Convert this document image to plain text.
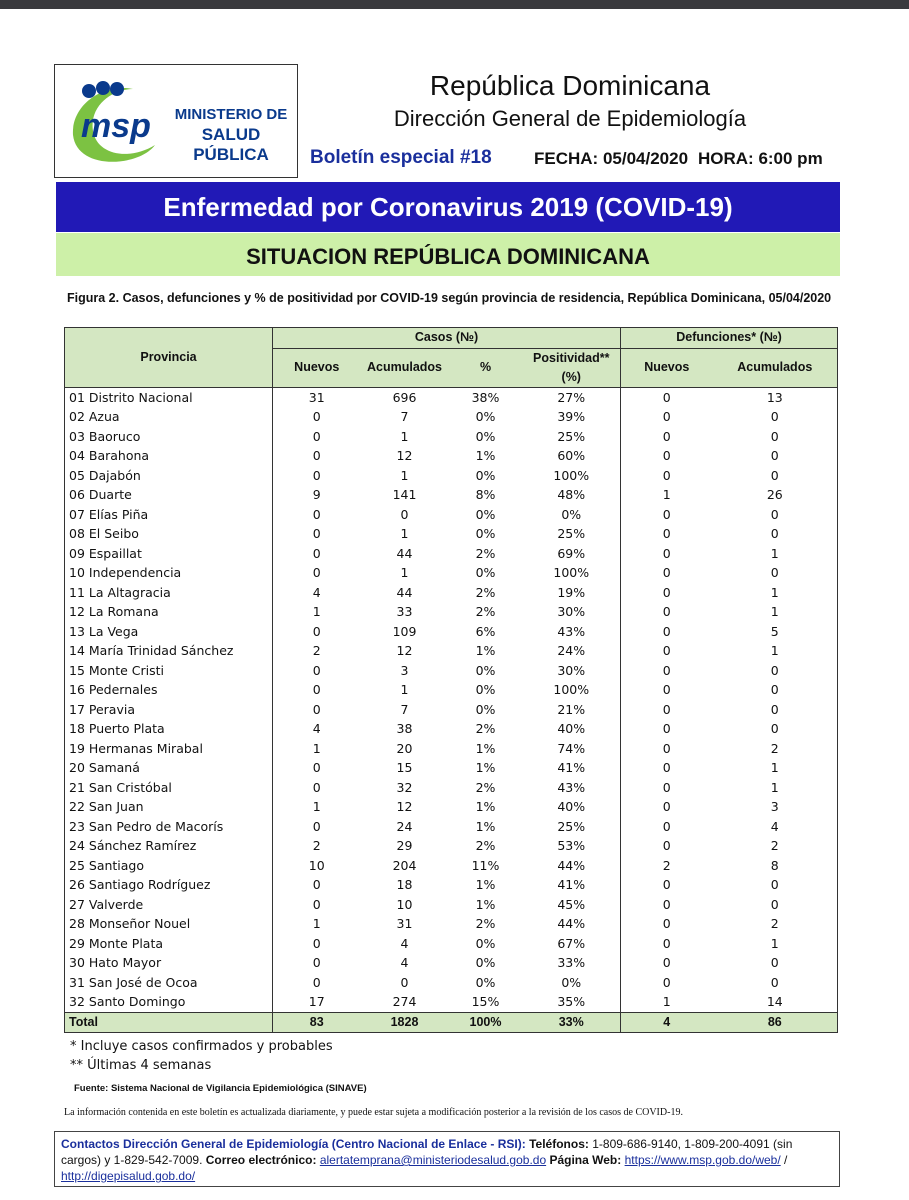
msp	MINISTERIO DE
SALUD PÚBLICA
República Dominicana
Dirección General de Epidemiología
Boletín especial #18 FECHA: 05/04/2020 HORA: 6:00 pm
Enfermedad por Coronavirus 2019 (COVID-19)
SITUACION REPÚBLICA DOMINICANA
Figura 2. Casos, defunciones y % de positividad por COVID-19 según provincia de residencia, República Dominicana, 05/04/2020
Provincia	Casos (№)				Defunciones* (№)	
	Nuevos	Acumulados	%	Positividad** (%)	Nuevos	Acumulados
01 Distrito Nacional	31	696	38%	27%	0	13
02 Azua	0	7	0%	39%	0	0
03 Baoruco	0	1	0%	25%	0	0
04 Barahona	0	12	1%	60%	0	0
05 Dajabón	0	1	0%	100%	0	0
06 Duarte	9	141	8%	48%	1	26
07 Elías Piña	0	0	0%	0%	0	0
08 El Seibo	0	1	0%	25%	0	0
09 Espaillat	0	44	2%	69%	0	1
10 Independencia	0	1	0%	100%	0	0
11 La Altagracia	4	44	2%	19%	0	1
12 La Romana	1	33	2%	30%	0	1
13 La Vega	0	109	6%	43%	0	5
14 María Trinidad Sánchez	2	12	1%	24%	0	1
15 Monte Cristi	0	3	0%	30%	0	0
16 Pedernales	0	1	0%	100%	0	0
17 Peravia	0	7	0%	21%	0	0
18 Puerto Plata	4	38	2%	40%	0	0
19 Hermanas Mirabal	1	20	1%	74%	0	2
20 Samaná	0	15	1%	41%	0	1
21 San Cristóbal	0	32	2%	43%	0	1
22 San Juan	1	12	1%	40%	0	3
23 San Pedro de Macorís	0	24	1%	25%	0	4
24 Sánchez Ramírez	2	29	2%	53%	0	2
25 Santiago	10	204	11%	44%	2	8
26 Santiago Rodríguez	0	18	1%	41%	0	0
27 Valverde	0	10	1%	45%	0	0
28 Monseñor Nouel	1	31	2%	44%	0	2
29 Monte Plata	0	4	0%	67%	0	1
30 Hato Mayor	0	4	0%	33%	0	0
31 San José de Ocoa	0	0	0%	0%	0	0
32 Santo Domingo	17	274	15%	35%	1	14
Total	83	1828	100%	33%	4	86
* Incluye casos confirmados y probables
** Últimas 4 semanas
Fuente: Sistema Nacional de Vigilancia Epidemiológica (SINAVE)
La información contenida en este boletín es actualizada diariamente, y puede estar sujeta a modificación posterior a la revisión de los casos de COVID-19.
Contactos Dirección General de Epidemiología (Centro Nacional de Enlace - RSI): Teléfonos: 1-809-686-9140, 1-809-200-4091 (sin cargos) y 1-829-542-7009. Correo electrónico: alertatemprana@ministeriodesalud.gob.do Página Web: https://www.msp.gob.do/web/ / http://digepisalud.gob.do/
